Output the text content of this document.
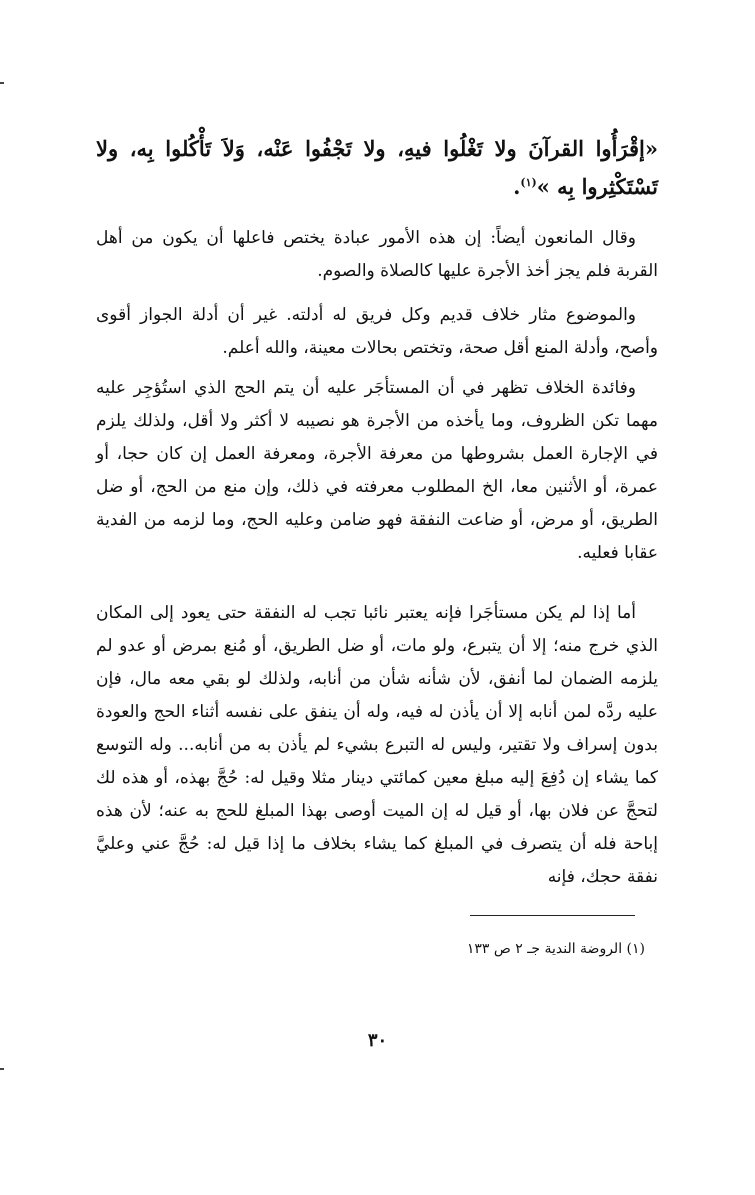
«إقْرَأُوا القرآنَ ولا تَغْلُوا فيهِ، ولا تَجْفُوا عَنْه، وَلاَ تَأْكُلوا بِه، ولا تَسْتَكْثِروا بِه »$^{(١)}$.
وقال المانعون أيضاً: إن هذه الأمور عبادة يختص فاعلها أن يكون من أهل القربة فلم يجز أخذ الأجرة عليها كالصلاة والصوم.
والموضوع مثار خلاف قديم وكل فريق له أدلته. غير أن أدلة الجواز أقوى وأصح، وأدلة المنع أقل صحة، وتختص بحالات معينة، والله أعلم.
وفائدة الخلاف تظهر في أن المستأجَر عليه أن يتم الحج الذي استُؤجِر عليه مهما تكن الظروف، وما يأخذه من الأجرة هو نصيبه لا أكثر ولا أقل، ولذلك يلزم في الإجارة العمل بشروطها من معرفة الأجرة، ومعرفة العمل إن كان حجا، أو عمرة، أو الأثنين معا، الخ المطلوب معرفته في ذلك، وإن منع من الحج، أو ضل الطريق، أو مرض، أو ضاعت النفقة فهو ضامن وعليه الحج، وما لزمه من الفدية عقابا فعليه.
أما إذا لم يكن مستأجَرا فإنه يعتبر نائبا تجب له النفقة حتى يعود إلى المكان الذي خرج منه؛ إلا أن يتبرع، ولو مات، أو ضل الطريق، أو مُنع بمرض أو عدو لم يلزمه الضمان لما أنفق، لأن شأنه شأن من أنابه، ولذلك لو بقي معه مال، فإن عليه ردَّه لمن أنابه إلا أن يأذن له فيه، وله أن ينفق على نفسه أثناء الحج والعودة بدون إسراف ولا تقتير، وليس له التبرع بشيء لم يأذن به من أنابه... وله التوسع كما يشاء إن دُفِعَ إليه مبلغ معين كمائتي دينار مثلا وقيل له: حُجَّ بهذه، أو هذه لك لتحجَّ عن فلان بها، أو قيل له إن الميت أوصى بهذا المبلغ للحج به عنه؛ لأن هذه إباحة فله أن يتصرف في المبلغ كما يشاء بخلاف ما إذا قيل له: حُجَّ عني وعليَّ نفقة حجك، فإنه
(١) الروضة الندية جـ ٢ ص ١٣٣
٣٠
